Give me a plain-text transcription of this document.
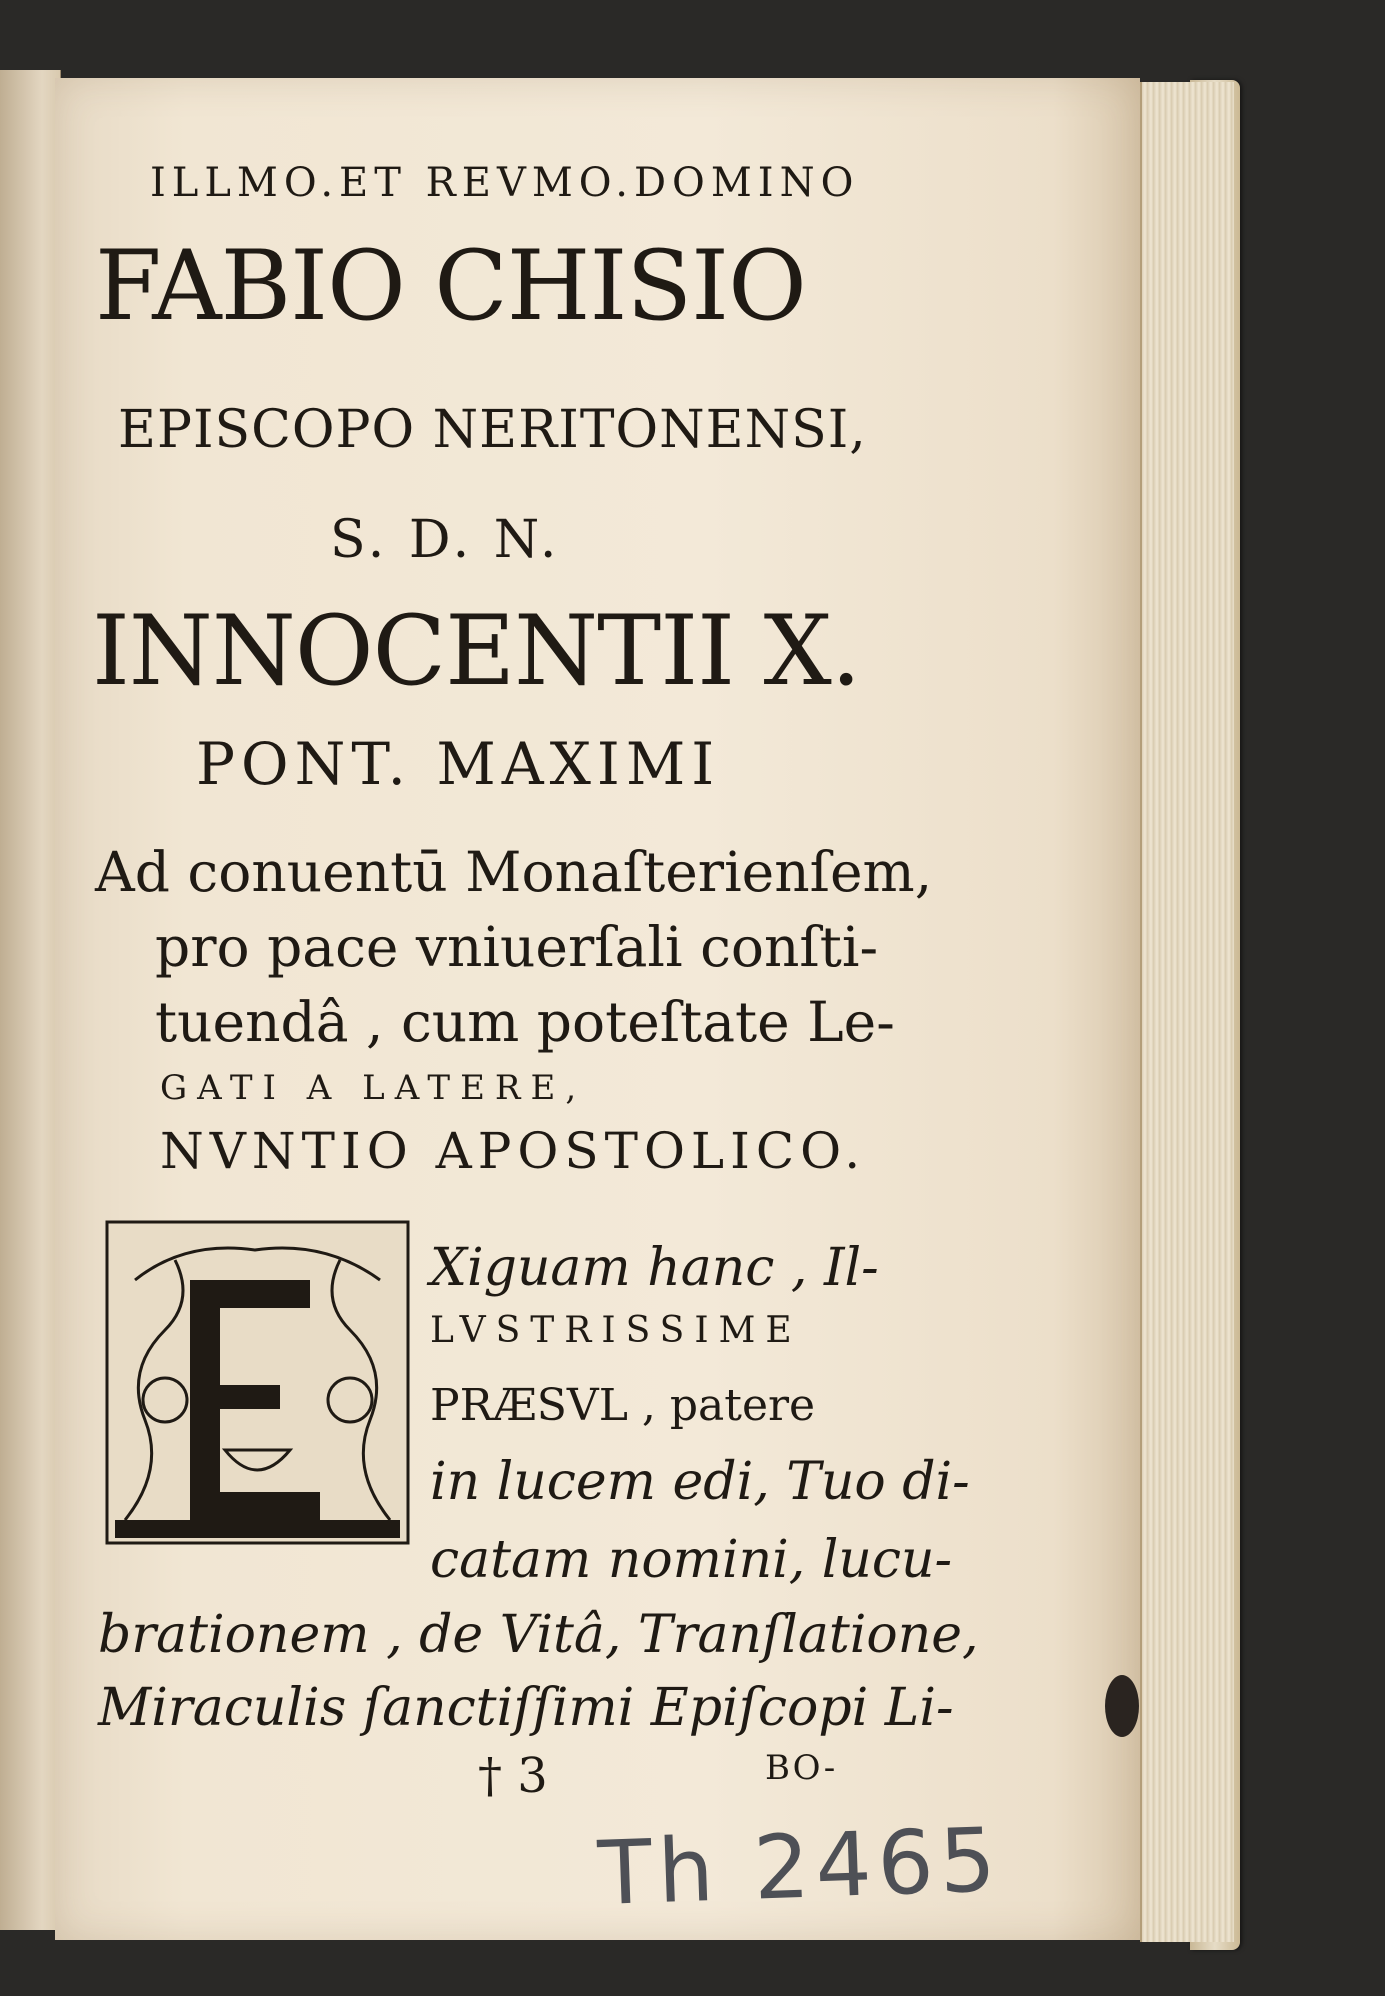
ILLMO.ET REVMO.DOMINO
FABIO CHISIO
EPISCOPO NERITONENSI,
S. D. N.
INNOCENTII X.
PONT. MAXIMI
Ad conuentū Monaſterienſem,
pro pace vniuerſali conſti-
tuendâ , cum poteſtate Le-
GATI A LATERE,
NVNTIO APOSTOLICO.
Xiguam hanc , Il-
LVSTRISSIME
PRÆSVL , patere
in lucem edi, Tuo di-
catam nomini, lucu-
brationem , de Vitâ, Tranſlatione,
Miraculis ſanctiſſimi Epiſcopi Li-
† 3	BO-
Th 2465
